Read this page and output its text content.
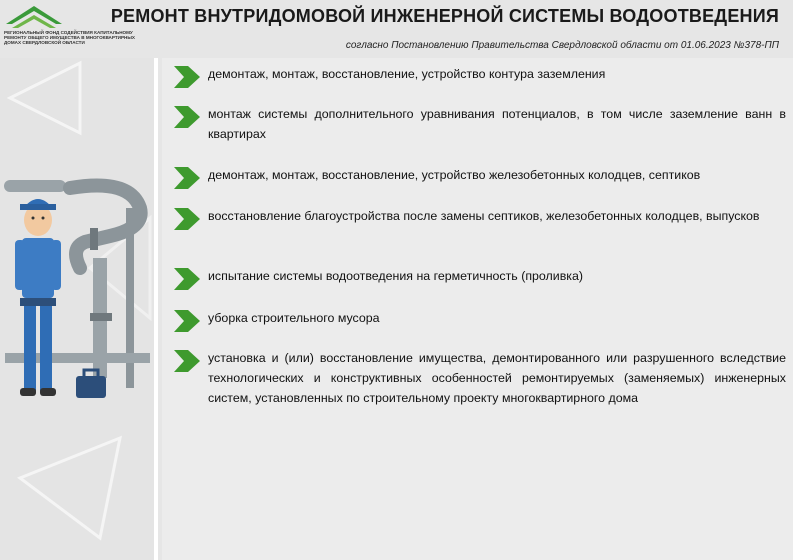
РЕГИОНАЛЬНЫЙ ФОНД СОДЕЙСТВИЯ КАПИТАЛЬНОМУ
РЕМОНТУ ОБЩЕГО ИМУЩЕСТВА В МНОГОКВАРТИРНЫХ
ДОМАХ СВЕРДЛОВСКОЙ ОБЛАСТИ
РЕМОНТ ВНУТРИДОМОВОЙ ИНЖЕНЕРНОЙ СИСТЕМЫ ВОДООТВЕДЕНИЯ
согласно Постановлению Правительства Свердловской области от 01.06.2023 №378-ПП
демонтаж, монтаж, восстановление, устройство контура заземления
монтаж системы дополнительного уравнивания потенциалов, в том числе заземление ванн в квартирах
демонтаж, монтаж, восстановление, устройство железобетонных колодцев, септиков
восстановление благоустройства после замены септиков, железобетонных колодцев, выпусков
испытание системы водоотведения на герметичность (проливка)
уборка строительного мусора
установка и (или) восстановление имущества, демонтированного или разрушенного вследствие технологических и конструктивных особенностей ремонтируемых (заменяемых) инженерных систем, установленных по строительному проекту многоквартирного дома
